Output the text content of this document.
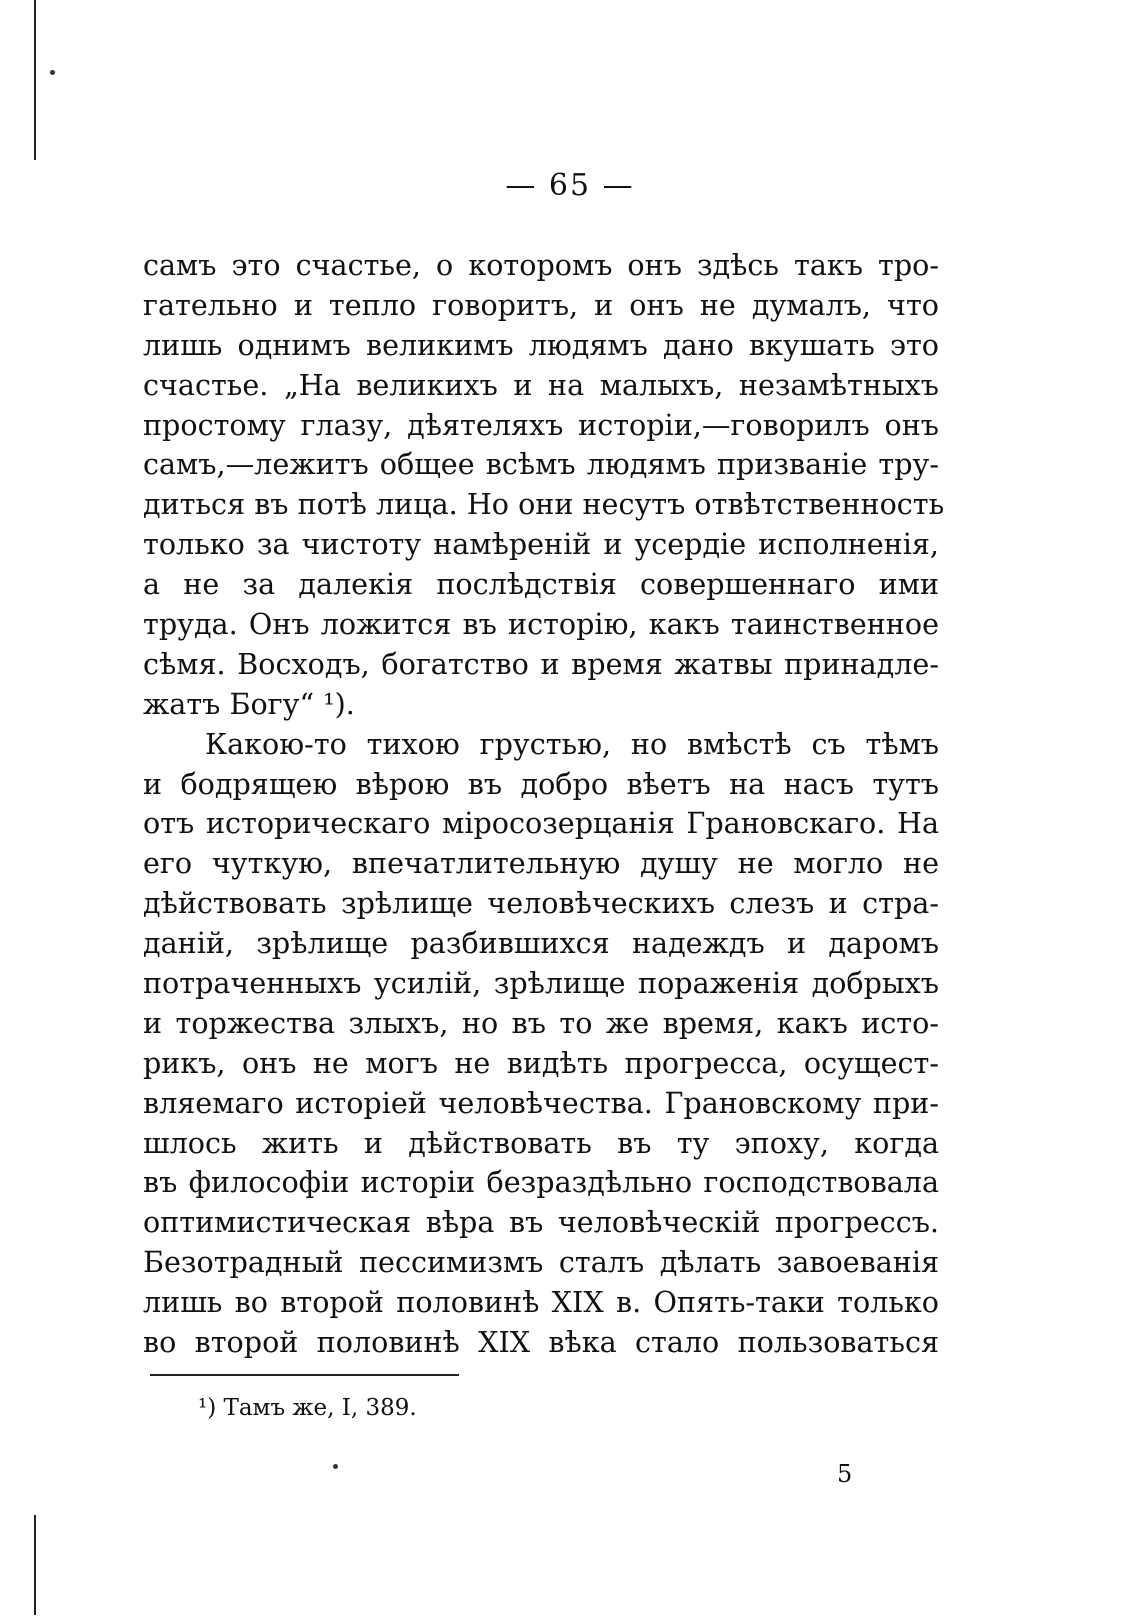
— 65 —
самъ это счастье, о которомъ онъ здѣсь такъ тро-
гательно и тепло говоритъ, и онъ не думалъ, что
лишь однимъ великимъ людямъ дано вкушать это
счастье. „На великихъ и на малыхъ, незамѣтныхъ
простому глазу, дѣятеляхъ исторіи,—говорилъ онъ
самъ,—лежитъ общее всѣмъ людямъ призваніе тру-
диться въ потѣ лица. Но они несутъ отвѣтственность
только за чистоту намѣреній и усердіе исполненія,
а не за далекія послѣдствія совершеннаго ими
труда. Онъ ложится въ исторію, какъ таинственное
сѣмя. Восходъ, богатство и время жатвы принадле-
жатъ Богу“ ¹).
Какою-то тихою грустью, но вмѣстѣ съ тѣмъ
и бодрящею вѣрою въ добро вѣетъ на насъ тутъ
отъ историческаго міросозерцанія Грановскаго. На
его чуткую, впечатлительную душу не могло не
дѣйствовать зрѣлище человѣческихъ слезъ и стра-
даній, зрѣлище разбившихся надеждъ и даромъ
потраченныхъ усилій, зрѣлище пораженія добрыхъ
и торжества злыхъ, но въ то же время, какъ исто-
рикъ, онъ не могъ не видѣть прогресса, осущест-
вляемаго исторіей человѣчества. Грановскому при-
шлось жить и дѣйствовать въ ту эпоху, когда
въ философіи исторіи безраздѣльно господствовала
оптимистическая вѣра въ человѣческій прогрессъ.
Безотрадный пессимизмъ сталъ дѣлать завоеванія
лишь во второй половинѣ XIX в. Опять-таки только
во второй половинѣ XIX вѣка стало пользоваться
¹) Тамъ же, I, 389.
5
